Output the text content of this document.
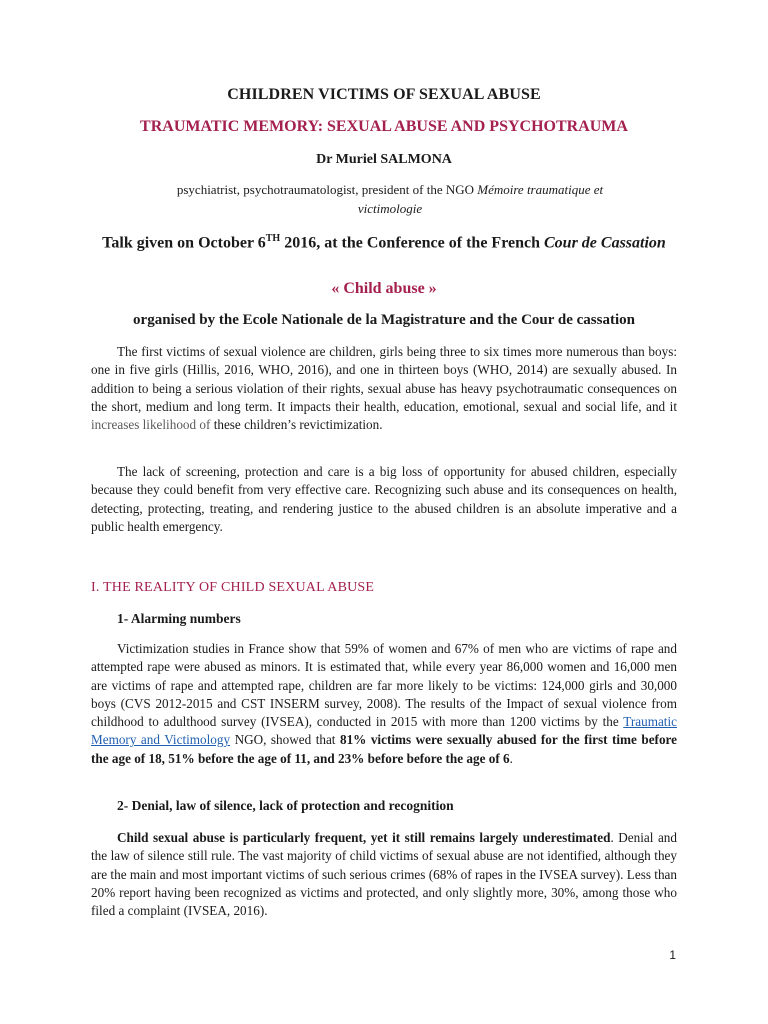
CHILDREN VICTIMS OF SEXUAL ABUSE
TRAUMATIC MEMORY: SEXUAL ABUSE AND PSYCHOTRAUMA
Dr Muriel SALMONA
psychiatrist, psychotraumatologist, president of the NGO Mémoire traumatique et victimologie
Talk given on October 6TH 2016, at the Conference of the French Cour de Cassation
« Child abuse »
organised by the Ecole Nationale de la Magistrature and the Cour de cassation
The first victims of sexual violence are children, girls being three to six times more numerous than boys: one in five girls (Hillis, 2016, WHO, 2016), and one in thirteen boys (WHO, 2014) are sexually abused. In addition to being a serious violation of their rights, sexual abuse has heavy psychotraumatic consequences on the short, medium and long term. It impacts their health, education, emotional, sexual and social life, and it increases likelihood of these children’s revictimization.
The lack of screening, protection and care is a big loss of opportunity for abused children, especially because they could benefit from very effective care. Recognizing such abuse and its consequences on health, detecting, protecting, treating, and rendering justice to the abused children is an absolute imperative and a public health emergency.
I. THE REALITY OF CHILD SEXUAL ABUSE
1- Alarming numbers
Victimization studies in France show that 59% of women and 67% of men who are victims of rape and attempted rape were abused as minors. It is estimated that, while every year 86,000 women and 16,000 men are victims of rape and attempted rape, children are far more likely to be victims: 124,000 girls and 30,000 boys (CVS 2012-2015 and CST INSERM survey, 2008). The results of the Impact of sexual violence from childhood to adulthood survey (IVSEA), conducted in 2015 with more than 1200 victims by the Traumatic Memory and Victimology NGO, showed that 81% victims were sexually abused for the first time before the age of 18, 51% before the age of 11, and 23% before before the age of 6.
2- Denial, law of silence, lack of protection and recognition
Child sexual abuse is particularly frequent, yet it still remains largely underestimated. Denial and the law of silence still rule. The vast majority of child victims of sexual abuse are not identified, although they are the main and most important victims of such serious crimes (68% of rapes in the IVSEA survey). Less than 20% report having been recognized as victims and protected, and only slightly more, 30%, among those who filed a complaint (IVSEA, 2016).
1
